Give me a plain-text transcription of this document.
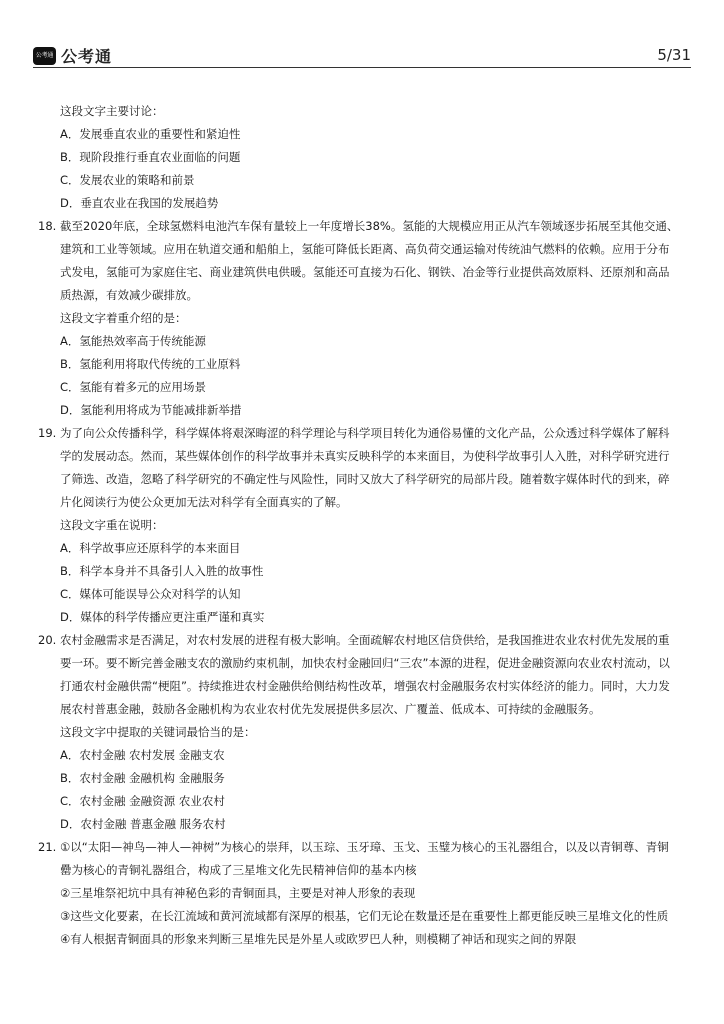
公考通 公考通	5/31
这段文字主要讨论：
A．发展垂直农业的重要性和紧迫性
B．现阶段推行垂直农业面临的问题
C．发展农业的策略和前景
D．垂直农业在我国的发展趋势
18. 截至2020年底，全球氢燃料电池汽车保有量较上一年度增长38%。氢能的大规模应用正从汽车领域逐步拓展至其他交通、
建筑和工业等领域。应用在轨道交通和船舶上，氢能可降低长距离、高负荷交通运输对传统油气燃料的依赖。应用于分布
式发电，氢能可为家庭住宅、商业建筑供电供暖。氢能还可直接为石化、钢铁、冶金等行业提供高效原料、还原剂和高品
质热源，有效减少碳排放。
这段文字着重介绍的是：
A．氢能热效率高于传统能源
B．氢能利用将取代传统的工业原料
C．氢能有着多元的应用场景
D．氢能利用将成为节能减排新举措
19. 为了向公众传播科学，科学媒体将艰深晦涩的科学理论与科学项目转化为通俗易懂的文化产品，公众透过科学媒体了解科
学的发展动态。然而，某些媒体创作的科学故事并未真实反映科学的本来面目，为使科学故事引人入胜，对科学研究进行
了筛选、改造，忽略了科学研究的不确定性与风险性，同时又放大了科学研究的局部片段。随着数字媒体时代的到来，碎
片化阅读行为使公众更加无法对科学有全面真实的了解。
这段文字重在说明：
A．科学故事应还原科学的本来面目
B．科学本身并不具备引人入胜的故事性
C．媒体可能误导公众对科学的认知
D．媒体的科学传播应更注重严谨和真实
20. 农村金融需求是否满足，对农村发展的进程有极大影响。全面疏解农村地区信贷供给，是我国推进农业农村优先发展的重
要一环。要不断完善金融支农的激励约束机制，加快农村金融回归“三农”本源的进程，促进金融资源向农业农村流动，以
打通农村金融供需“梗阻”。持续推进农村金融供给侧结构性改革，增强农村金融服务农村实体经济的能力。同时，大力发
展农村普惠金融，鼓励各金融机构为农业农村优先发展提供多层次、广覆盖、低成本、可持续的金融服务。
这段文字中提取的关键词最恰当的是：
A．农村金融 农村发展 金融支农
B．农村金融 金融机构 金融服务
C．农村金融 金融资源 农业农村
D．农村金融 普惠金融 服务农村
21. ①以“太阳—神鸟—神人—神树”为核心的崇拜，以玉琮、玉牙璋、玉戈、玉璧为核心的玉礼器组合，以及以青铜尊、青铜
罍为核心的青铜礼器组合，构成了三星堆文化先民精神信仰的基本内核
②三星堆祭祀坑中具有神秘色彩的青铜面具，主要是对神人形象的表现
③这些文化要素，在长江流域和黄河流域都有深厚的根基，它们无论在数量还是在重要性上都更能反映三星堆文化的性质
④有人根据青铜面具的形象来判断三星堆先民是外星人或欧罗巴人种，则模糊了神话和现实之间的界限
